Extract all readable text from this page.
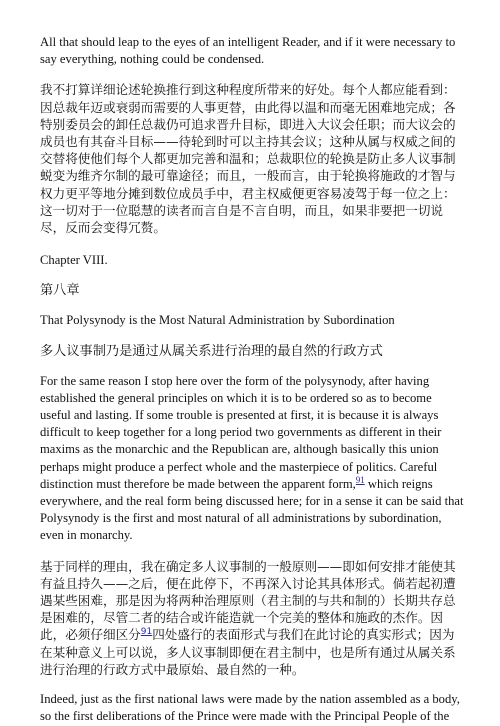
All that should leap to the eyes of an intelligent Reader, and if it were necessary to say everything, nothing could be condensed.

我不打算详细论述轮换推行到这种程度所带来的好处。每个人都应能看到：因总裁年迈或衰弱而需要的人事更替，由此得以温和而毫无困难地完成；各特别委员会的卸任总裁仍可追求晋升目标，即进入大议会任职；而大议会的成员也有其奋斗目标——待轮到时可以主持其会议；这种从属与权威之间的交替将使他们每个人都更加完善和温和；总裁职位的轮换是防止多人议事制蜕变为维齐尔制的最可靠途径；而且，一般而言，由于轮换将施政的才智与权力更平等地分摊到数位成员手中，君主权威便更容易凌驾于每一位之上：这一切对于一位聪慧的读者而言自是不言自明，而且，如果非要把一切说尽，反而会变得冗赘。

Chapter VIII.

第八章

That Polysynody is the Most Natural Administration by Subordination

多人议事制乃是通过从属关系进行治理的最自然的行政方式

For the same reason I stop here over the form of the polysynody, after having established the general principles on which it is to be ordered so as to become useful and lasting. If some trouble is presented at first, it is because it is always difficult to keep together for a long period two governments as different in their maxims as the monarchic and the Republican are, although basically this union perhaps might produce a perfect whole and the masterpiece of politics. Careful distinction must therefore be made between the apparent form,$^{91}$ which reigns everywhere, and the real form being discussed here; for in a sense it can be said that Polysynody is the first and most natural of all administrations by subordination, even in monarchy.

基于同样的理由，我在确定多人议事制的一般原则——即如何安排才能使其有益且持久——之后，便在此停下，不再深入讨论其具体形式。倘若起初遭遇某些困难，那是因为将两种治理原则（君主制的与共和制的）长期共存总是困难的，尽管二者的结合或许能造就一个完美的整体和施政的杰作。因此，必须仔细区分$^{91}$四处盛行的表面形式与我们在此讨论的真实形式；因为在某种意义上可以说，多人议事制即便在君主制中，也是所有通过从属关系进行治理的行政方式中最原始、最自然的一种。

Indeed, just as the first national laws were made by the nation assembled as a body, so the first deliberations of the Prince were made with the Principal People of the
